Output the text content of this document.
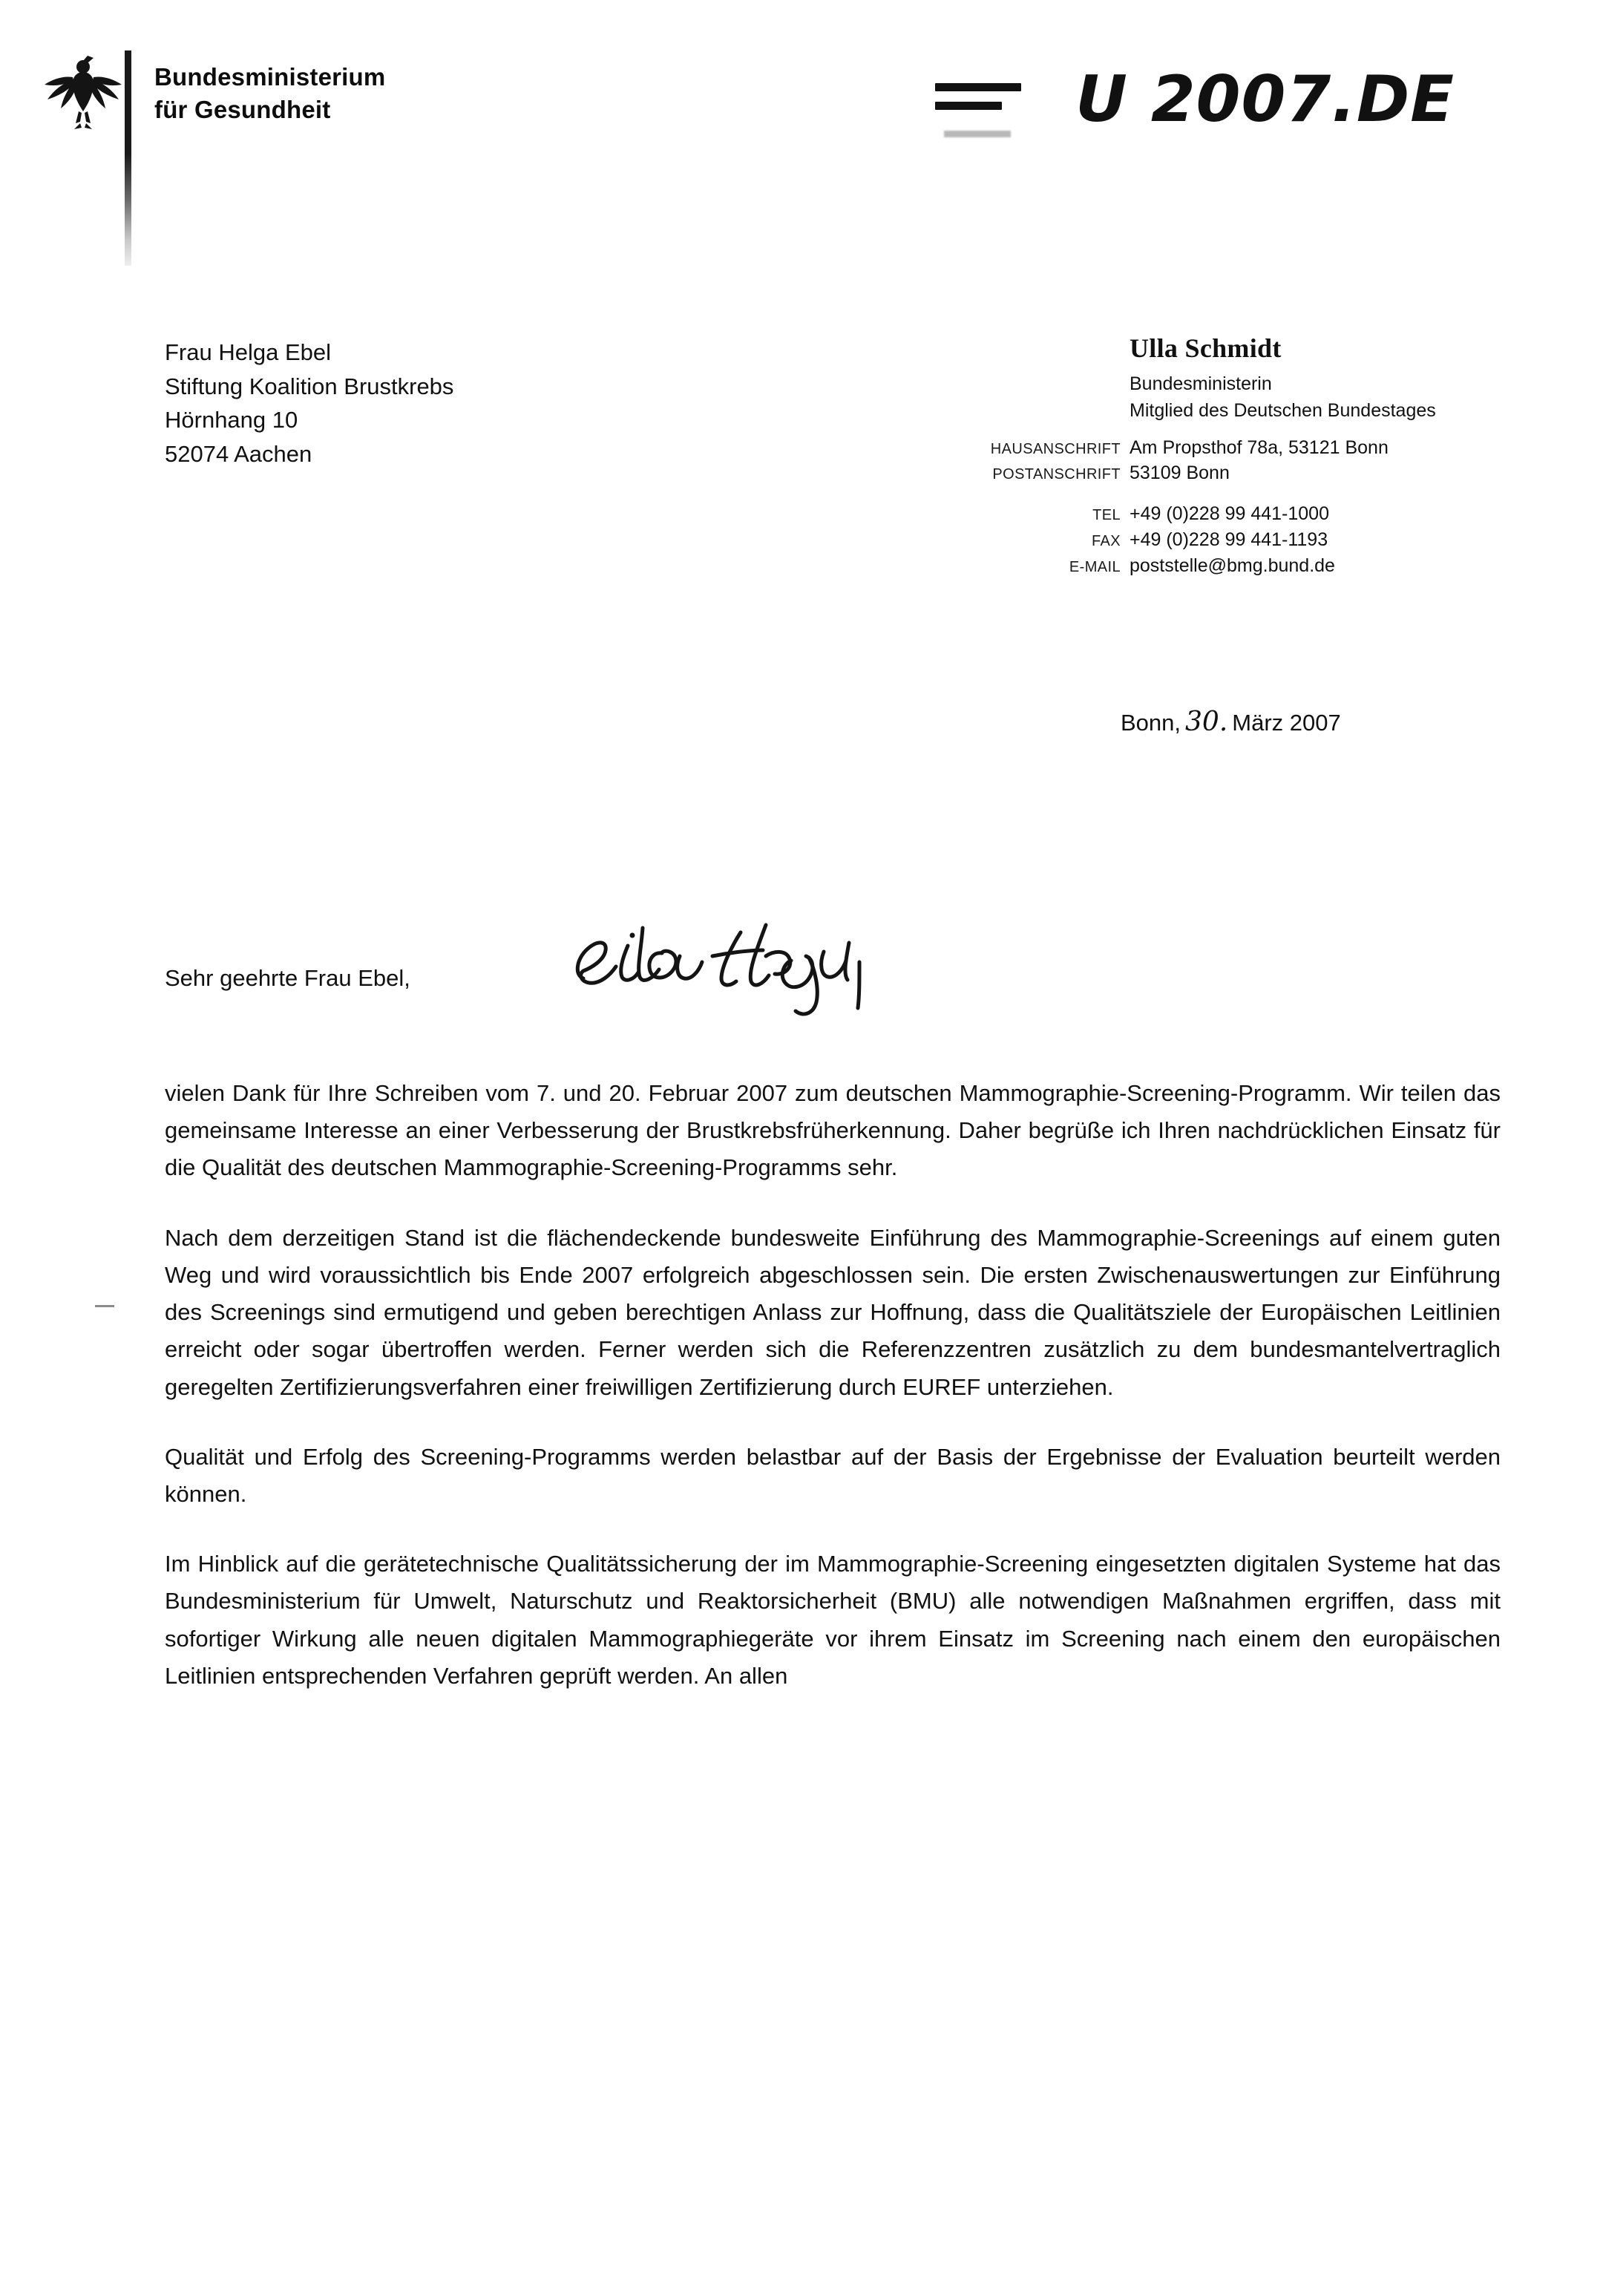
Bundesministerium
für Gesundheit	U 2007.DE
Frau Helga Ebel
Stiftung Koalition Brustkrebs
Hörnhang 10
52074 Aachen
Ulla Schmidt
Bundesministerin
Mitglied des Deutschen Bundestages
HAUSANSCHRIFT Am Propsthof 78a, 53121 Bonn
POSTANSCHRIFT 53109 Bonn
TEL +49 (0)228 99 441-1000
FAX +49 (0)228 99 441-1193
E-MAIL poststelle@bmg.bund.de
Bonn, 30. März 2007
Sehr geehrte Frau Ebel,

vielen Dank für Ihre Schreiben vom 7. und 20. Februar 2007 zum deutschen Mammographie-Screening-Programm. Wir teilen das gemeinsame Interesse an einer Verbesserung der Brustkrebsfrüherkennung. Daher begrüße ich Ihren nachdrücklichen Einsatz für die Qualität des deutschen Mammographie-Screening-Programms sehr.

Nach dem derzeitigen Stand ist die flächendeckende bundesweite Einführung des Mammographie-Screenings auf einem guten Weg und wird voraussichtlich bis Ende 2007 erfolgreich abgeschlossen sein. Die ersten Zwischenauswertungen zur Einführung des Screenings sind ermutigend und geben berechtigen Anlass zur Hoffnung, dass die Qualitätsziele der Europäischen Leitlinien erreicht oder sogar übertroffen werden. Ferner werden sich die Referenzzentren zusätzlich zu dem bundesmantelvertraglich geregelten Zertifizierungsverfahren einer freiwilligen Zertifizierung durch EUREF unterziehen.

Qualität und Erfolg des Screening-Programms werden belastbar auf der Basis der Ergebnisse der Evaluation beurteilt werden können.

Im Hinblick auf die gerätetechnische Qualitätssicherung der im Mammographie-Screening eingesetzten digitalen Systeme hat das Bundesministerium für Umwelt, Naturschutz und Reaktorsicherheit (BMU) alle notwendigen Maßnahmen ergriffen, dass mit sofortiger Wirkung alle neuen digitalen Mammographiegeräte vor ihrem Einsatz im Screening nach einem den europäischen Leitlinien entsprechenden Verfahren geprüft werden. An allen
